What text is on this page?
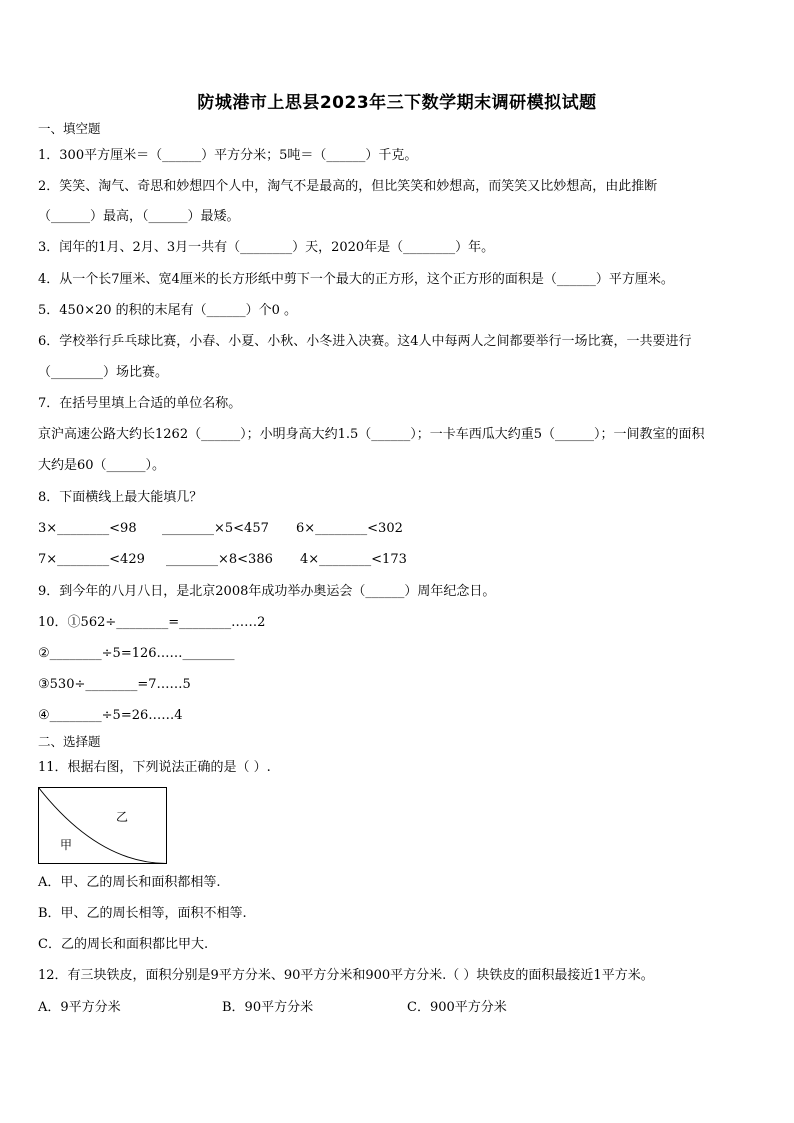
防城港市上思县2023年三下数学期末调研模拟试题
一、填空题
1．300平方厘米＝（______）平方分米；5吨＝（______）千克。
2．笑笑、淘气、奇思和妙想四个人中，淘气不是最高的，但比笑笑和妙想高，而笑笑又比妙想高，由此推断
（______）最高，（______）最矮。
3．闰年的1月、2月、3月一共有（________）天，2020年是（________）年。
4．从一个长7厘米、宽4厘米的长方形纸中剪下一个最大的正方形，这个正方形的面积是（______）平方厘米。
5．450×20 的积的末尾有（______）个0 。
6．学校举行乒乓球比赛，小春、小夏、小秋、小冬进入决赛。这4人中每两人之间都要举行一场比赛，一共要进行
（________）场比赛。
7．在括号里填上合适的单位名称。
京沪高速公路大约长1262（______）；小明身高大约1.5（______）；一卡车西瓜大约重5（______）；一间教室的面积
大约是60（______）。
8．下面横线上最大能填几？
3×________<98 ________×5<457 6×________<302
7×________<429 ________×8<386 4×________<173
9．到今年的八月八日，是北京2008年成功举办奥运会（______）周年纪念日。
10．①562÷________=________……2
②________÷5=126……________
③530÷________=7……5
④________÷5=26……4
二、选择题
11．根据右图，下列说法正确的是（ ）.
乙
甲
A．甲、乙的周长和面积都相等.
B．甲、乙的周长相等，面积不相等.
C．乙的周长和面积都比甲大.
12．有三块铁皮，面积分别是9平方分米、90平方分米和900平方分米.（ ）块铁皮的面积最接近1平方米。
A．9平方分米	B．90平方分米	C．900平方分米
